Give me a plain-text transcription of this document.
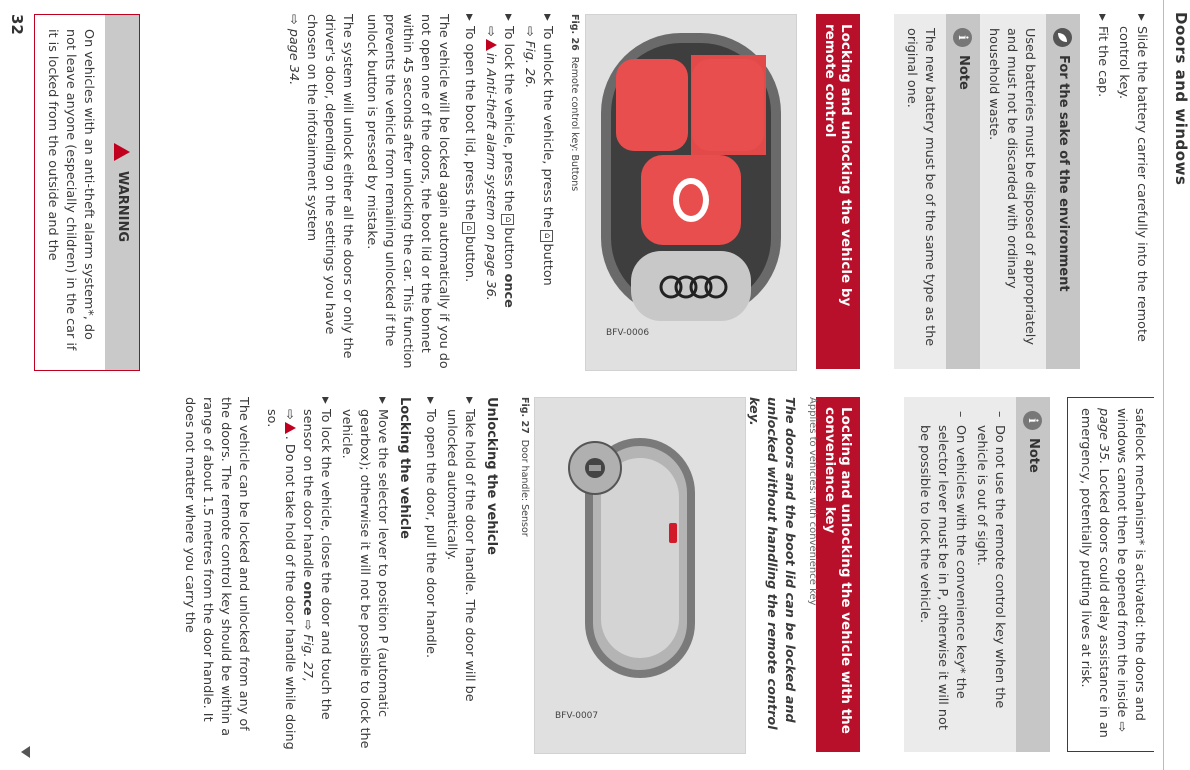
Doors and windows
▶
Slide the battery carrier carefully into the remote control key.
▶
Fit the cap.
For the sake of the environment
Used batteries must be disposed of appropriately and must not be discarded with ordinary household waste.
i
Note
The new battery must be of the same type as the original one.
Locking and unlocking the vehicle by remote control
BFV-0006
Fig. 26Remote control key: Buttons
▶
To unlock the vehicle, press the⌂button
⇨ Fig. 26.
▶
To lock the vehicle, press the⌂button once
⇨in Anti-theft alarm system on page 36.
▶
To open the boot lid, press the⌂button.

The vehicle will be locked again automatically if you do not open one of the doors, the boot lid or the bonnet within 45 seconds after unlocking the car. This function prevents the vehicle from remaining unlocked if the unlock button is pressed by mistake.

The system will unlock either all the doors or only the driver's door, depending on the settings you have chosen on the infotainment system
⇨ page 34.

WARNING
On vehicles with an anti-theft alarm system*, do not leave anyone (especially children) in the car if it is locked from the outside and the
32
safelock mechanism* is activated: the doors and windows cannot then be opened from the inside ⇨ page 35. Locked doors could delay assistance in an emergency, potentially putting lives at risk.
i
Note
–
Do not use the remote control key when the vehicle is out of sight.
–
On vehicles with the convenience key* the selector lever must be in P, otherwise it will not be possible to lock the vehicle.
Locking and unlocking the vehicle with the convenience key
Applies to vehicles: with convenience key
The doors and the boot lid can be locked and unlocked without handling the remote control key.
BFV-0007
Fig. 27Door handle: Sensor
Unlocking the vehicle
▶
Take hold of the door handle. The door will be unlocked automatically.
▶
To open the door, pull the door handle.
Locking the vehicle
▶
Move the selector lever to position P (automatic gearbox); otherwise it will not be possible to lock the vehicle.
▶
To lock the vehicle, close the door and touch the sensor on the door handle once ⇨ Fig. 27,
⇨. Do not take hold of the door handle while doing so.

The vehicle can be locked and unlocked from any of the doors. The remote control key should be within a range of about 1.5 metres from the door handle. It does not matter where you carry the
